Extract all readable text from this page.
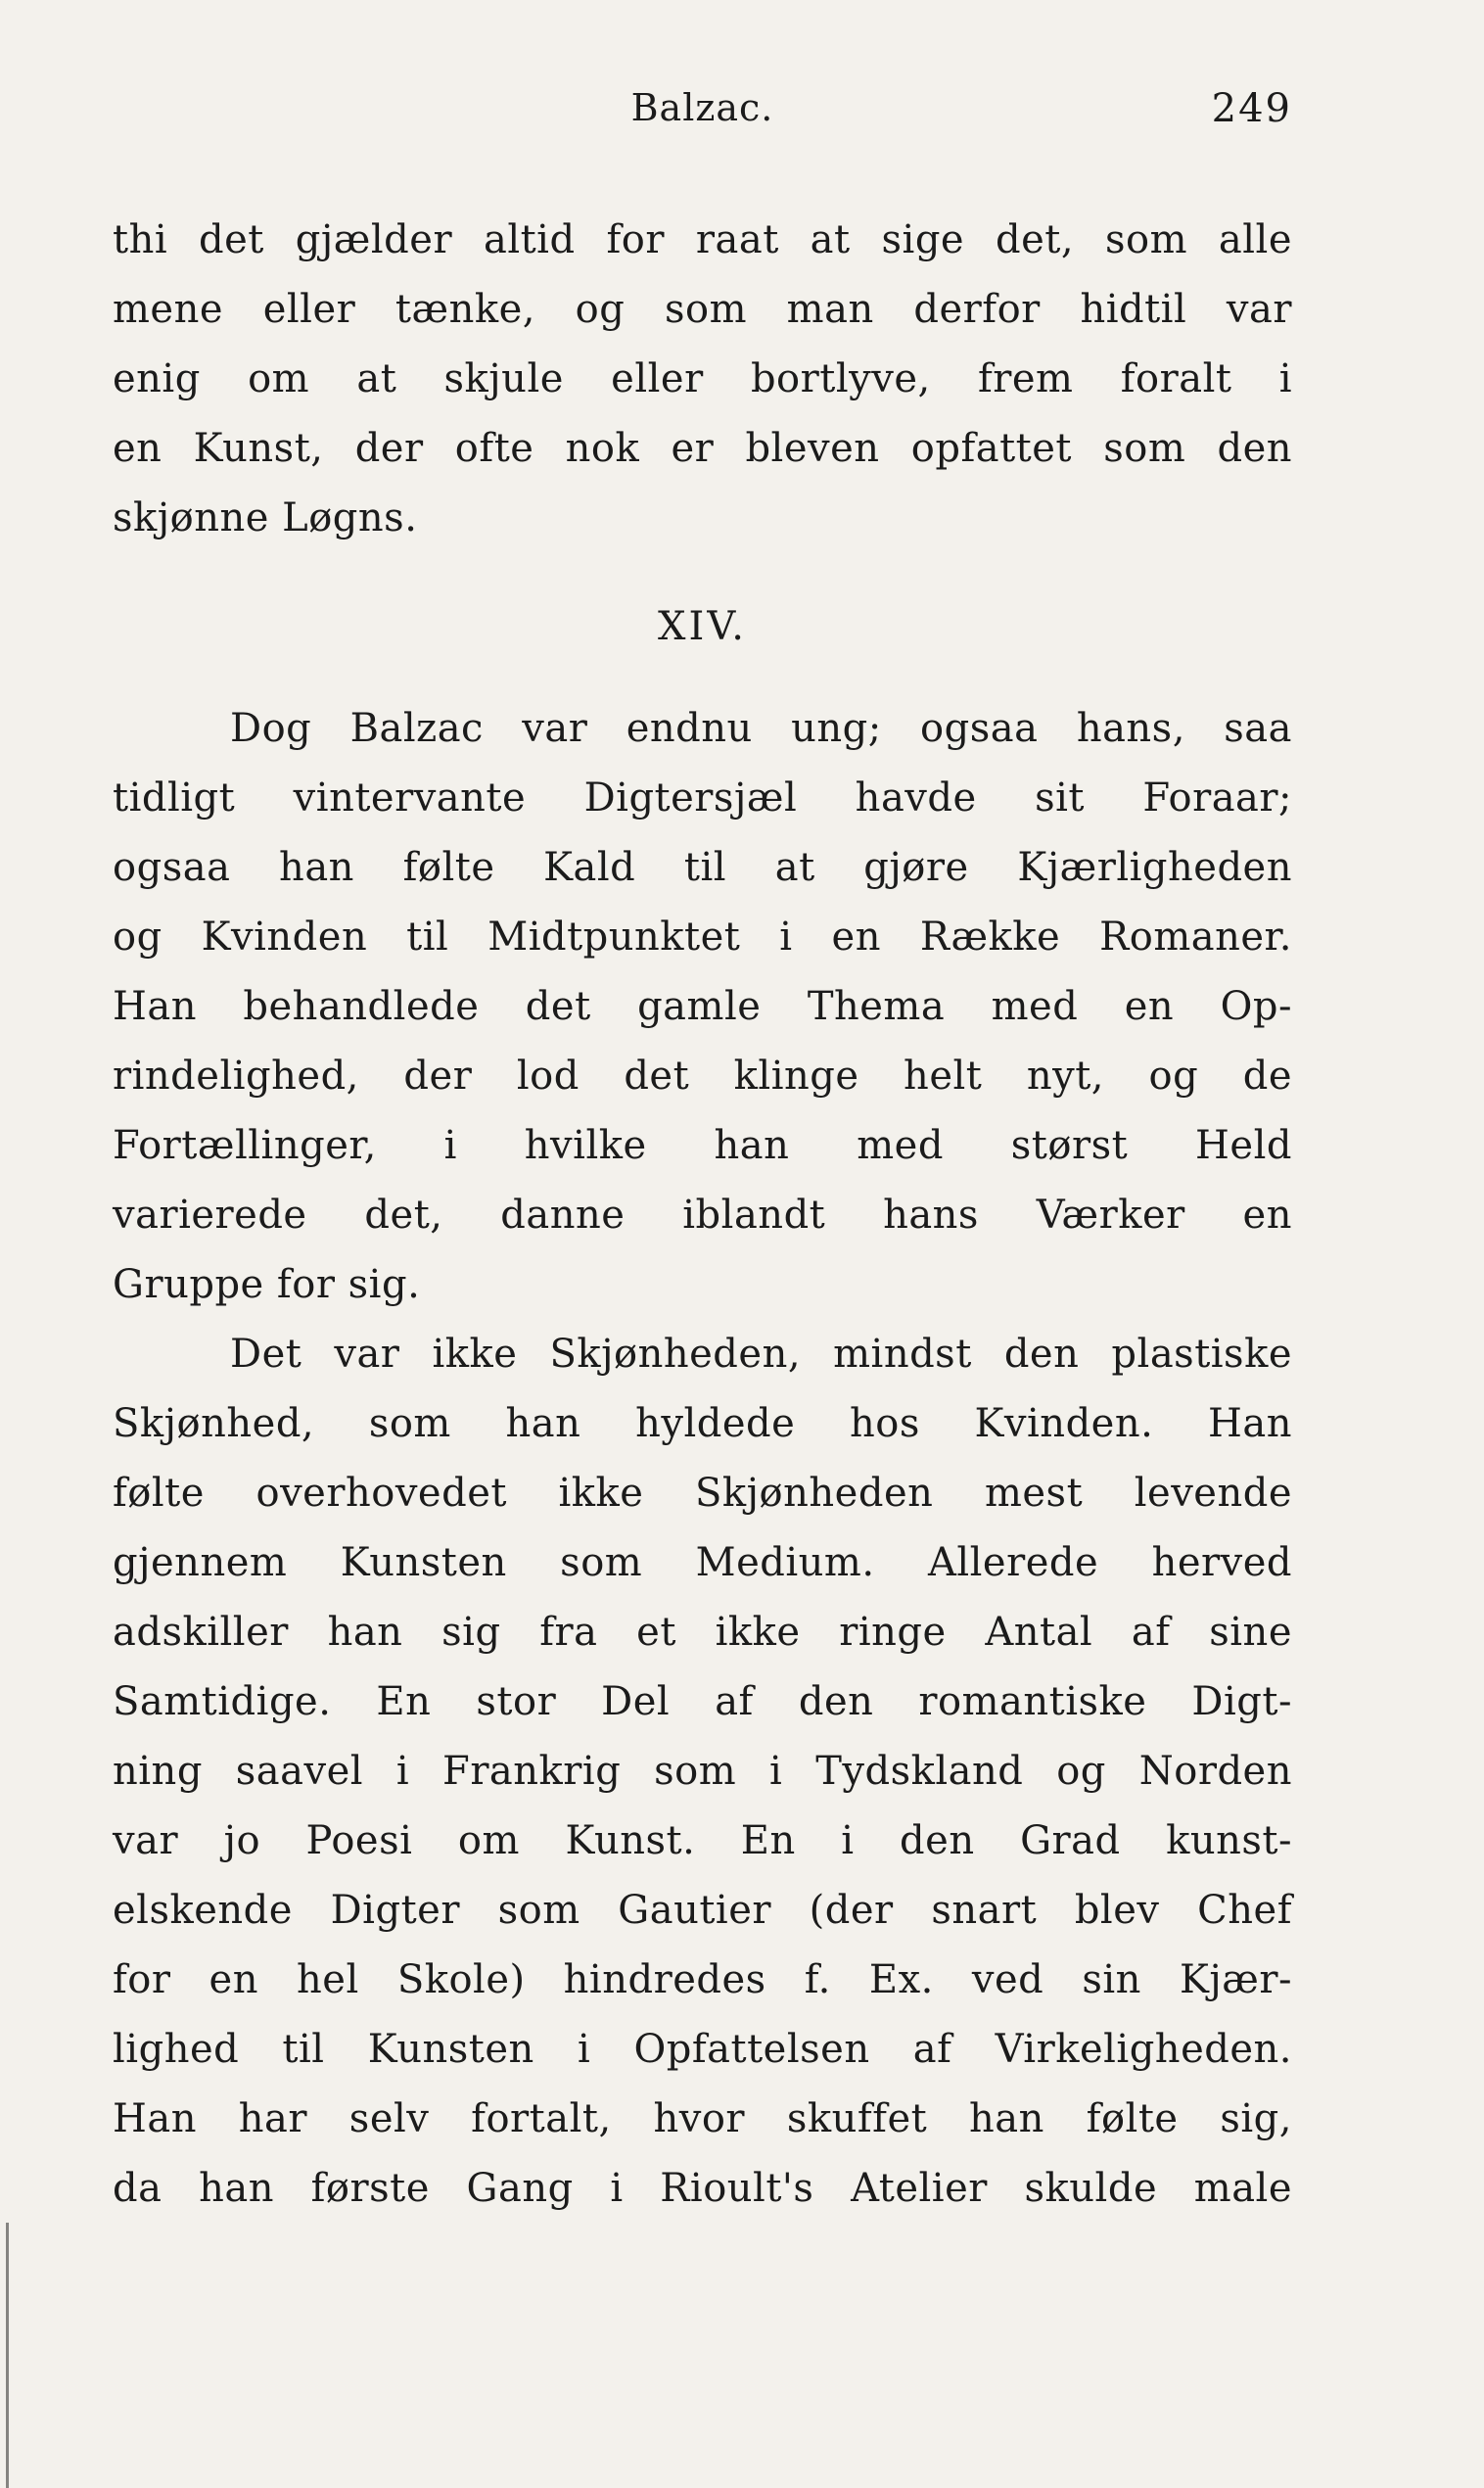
Balzac.	249
thi det gjælder altid for raat at sige det, som alle
mene eller tænke, og som man derfor hidtil var
enig om at skjule eller bortlyve, frem foralt i
en Kunst, der ofte nok er bleven opfattet som den
skjønne Løgns.
XIV.
Dog Balzac var endnu ung; ogsaa hans, saa
tidligt vintervante Digtersjæl havde sit Foraar;
ogsaa han følte Kald til at gjøre Kjærligheden
og Kvinden til Midtpunktet i en Række Romaner.
Han behandlede det gamle Thema med en Op-
rindelighed, der lod det klinge helt nyt, og de
Fortællinger, i hvilke han med størst Held
varierede det, danne iblandt hans Værker en
Gruppe for sig.
Det var ikke Skjønheden, mindst den plastiske
Skjønhed, som han hyldede hos Kvinden. Han
følte overhovedet ikke Skjønheden mest levende
gjennem Kunsten som Medium. Allerede herved
adskiller han sig fra et ikke ringe Antal af sine
Samtidige. En stor Del af den romantiske Digt-
ning saavel i Frankrig som i Tydskland og Norden
var jo Poesi om Kunst. En i den Grad kunst-
elskende Digter som Gautier (der snart blev Chef
for en hel Skole) hindredes f. Ex. ved sin Kjær-
lighed til Kunsten i Opfattelsen af Virkeligheden.
Han har selv fortalt, hvor skuffet han følte sig,
da han første Gang i Rioult's Atelier skulde male
